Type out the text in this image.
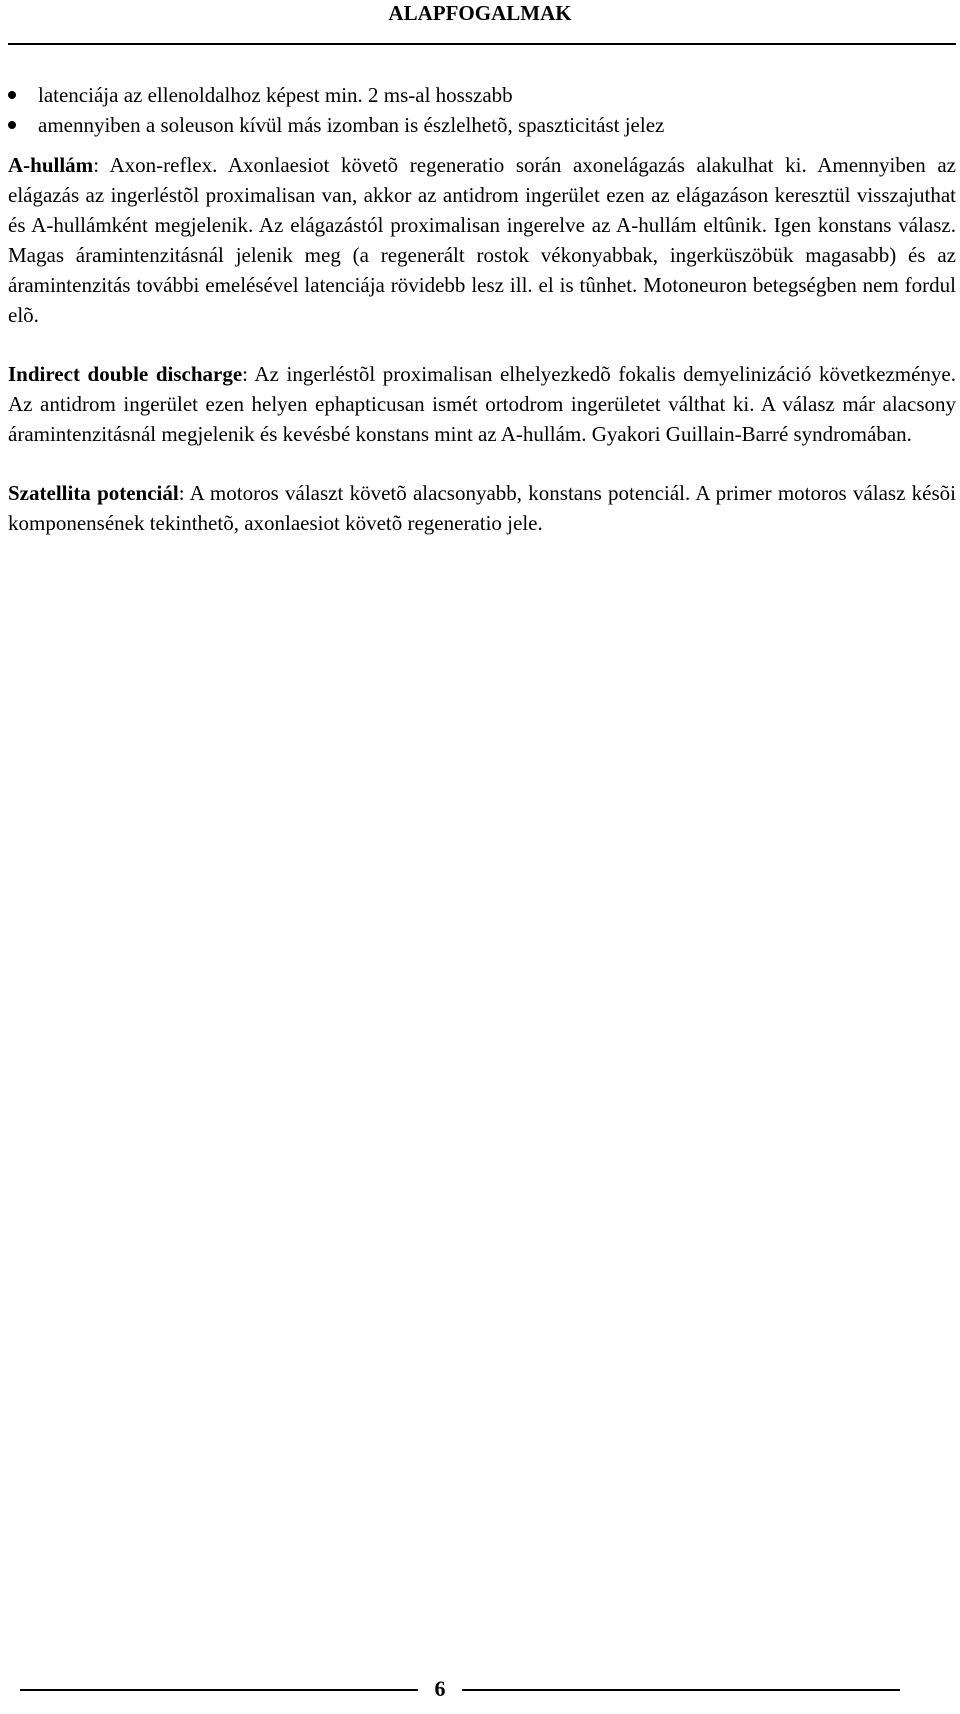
ALAPFOGALMAK
latenciája az ellenoldalhoz képest min. 2 ms-al hosszabb
amennyiben a soleuson kívül más izomban is észlelhetõ, spaszticitást jelez

A-hullám: Axon-reflex. Axonlaesiot követõ regeneratio során axonelágazás alakulhat ki. Amennyiben az elágazás az ingerléstõl proximalisan van, akkor az antidrom ingerület ezen az elágazáson keresztül visszajuthat és A-hullámként megjelenik. Az elágazástól proximalisan ingerelve az A-hullám eltûnik. Igen konstans válasz. Magas áramintenzitásnál jelenik meg (a regenerált rostok vékonyabbak, ingerküszöbük magasabb) és az áramintenzitás további emelésével latenciája rövidebb lesz ill. el is tûnhet. Motoneuron betegségben nem fordul elõ.

Indirect double discharge: Az ingerléstõl proximalisan elhelyezkedõ fokalis demyelinizáció következménye. Az antidrom ingerület ezen helyen ephapticusan ismét ortodrom ingerületet válthat ki. A válasz már alacsony áramintenzitásnál megjelenik és kevésbé konstans mint az A-hullám. Gyakori Guillain-Barré syndromában.

Szatellita potenciál: A motoros választ követõ alacsonyabb, konstans potenciál. A primer motoros válasz késõi komponensének tekinthetõ, axonlaesiot követõ regeneratio jele.

6
